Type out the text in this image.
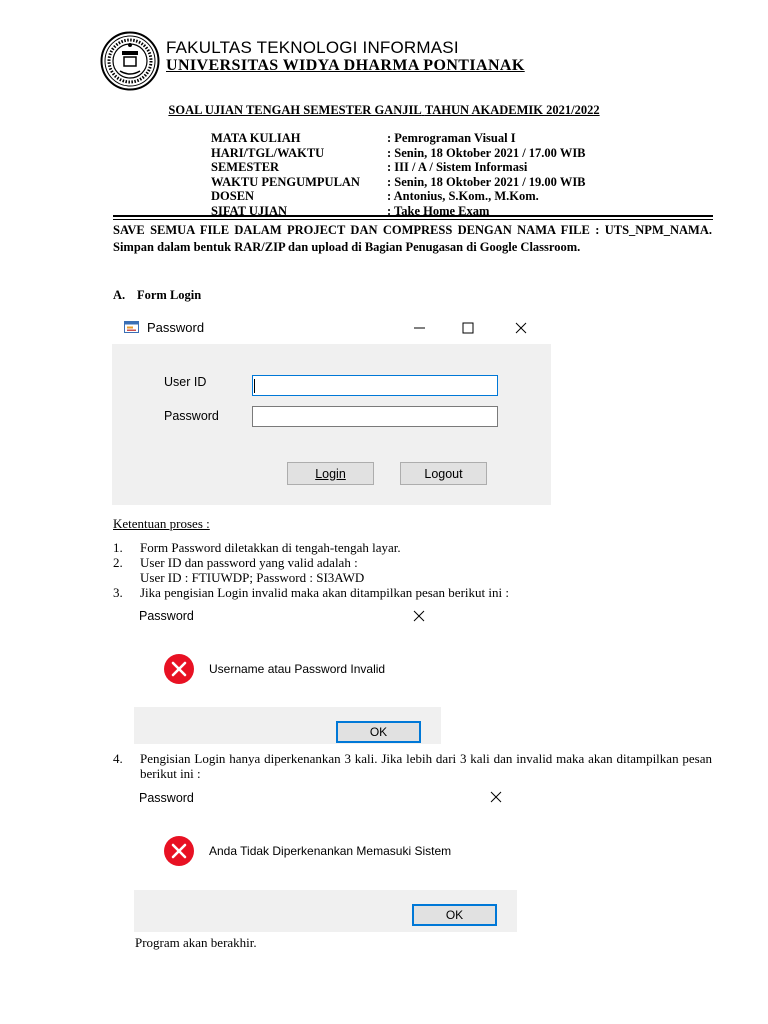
FAKULTAS TEKNOLOGI INFORMASI
UNIVERSITAS WIDYA DHARMA PONTIANAK
SOAL UJIAN TENGAH SEMESTER GANJIL TAHUN AKADEMIK 2021/2022
MATA KULIAH	: Pemrograman Visual I
HARI/TGL/WAKTU	: Senin, 18 Oktober 2021 / 17.00 WIB
SEMESTER	: III / A / Sistem Informasi
WAKTU PENGUMPULAN	: Senin, 18 Oktober 2021 / 19.00 WIB
DOSEN	: Antonius, S.Kom., M.Kom.
SIFAT UJIAN	: Take Home Exam
SAVE SEMUA FILE DALAM PROJECT DAN COMPRESS DENGAN NAMA FILE : UTS_NPM_NAMA. Simpan dalam bentuk RAR/ZIP dan upload di Bagian Penugasan di Google Classroom.
A. Form Login
Password
User ID
Password
Login	Logout
Ketentuan proses :
1. Form Password diletakkan di tengah-tengah layar.
2. User ID dan password yang valid adalah :
User ID : FTIUWDP; Password : SI3AWD
3. Jika pengisian Login invalid maka akan ditampilkan pesan berikut ini :
Password
Username atau Password Invalid
OK
4. Pengisian Login hanya diperkenankan 3 kali. Jika lebih dari 3 kali dan invalid maka akan ditampilkan pesan berikut ini :
Password
Anda Tidak Diperkenankan Memasuki Sistem
OK
Program akan berakhir.
